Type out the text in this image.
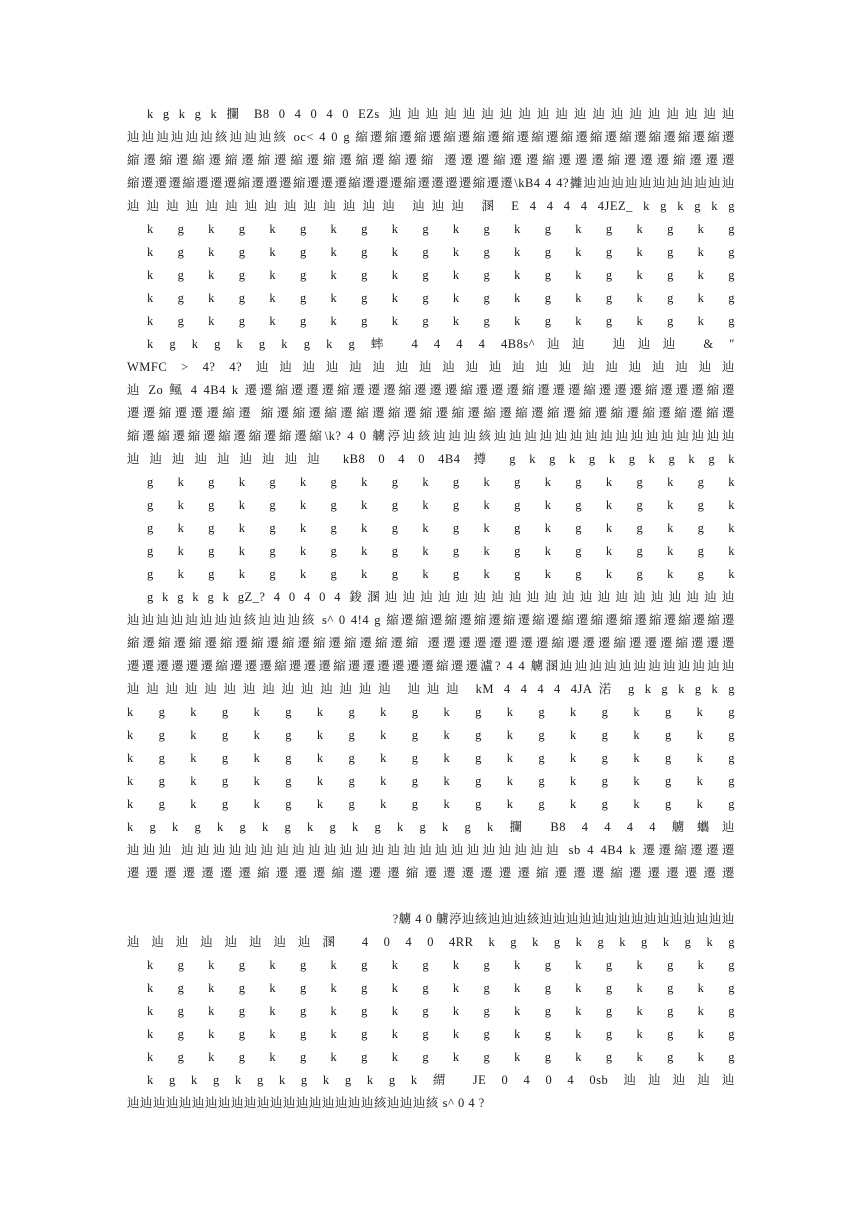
k g k g k 攔 B8 0 4 0 4 0 EZs 辿辿辿辿辿辿辿辿辿辿辿辿辿辿辿辿辿辿辿
辿辿辿辿辿辿絯辿辿辿絯 oc< 4 0 g 縮遷縮遷縮遷縮遷縮遷縮遷縮遷縮遷縮遷縮遷縮遷縮遷縮遷
縮遷縮遷縮遷縮遷縮遷縮遷縮遷縮遷縮遷縮 遷遷遷縮遷遷縮遷遷遷縮遷遷遷縮遷遷遷
縮遷遷遷縮遷遷遷縮遷遷遷縮遷遷遷縮遷遷遷縮遷遷遷遷縮遷遷\kB4 4 4?攡辿辿辿辿辿辿辿辿辿辿辿
辿辿辿辿辿辿辿辿辿辿辿辿辿辿 辿辿辿 溷 E 4 4 4 4 4JEZ_ k g k g k g
k g k g k g k g k g k g k g k g k g k g
k g k g k g k g k g k g k g k g k g k g
k g k g k g k g k g k g k g k g k g k g
k g k g k g k g k g k g k g k g k g k g
k g k g k g k g k g k g k g k g k g k g
k g k g k g k g k g 蟀 4 4 4 4 4B8s^辿辿 辿辿辿 & ″
WMFC > 4? 4? 辿辿辿辿辿辿辿辿辿辿辿辿辿辿辿辿辿辿辿辿辿
辿 Zo 鲺 4 4B4 k 遷遷縮遷遷遷縮遷遷遷縮遷遷遷縮遷遷遷縮遷遷遷縮遷遷遷縮遷遷遷縮遷
遷遷縮遷遷遷縮遷 縮遷縮遷縮遷縮遷縮遷縮遷縮遷縮遷縮遷縮遷縮遷縮遷縮遷縮遷縮遷
縮遷縮遷縮遷縮遷縮遷縮遷縮\k? 4 0 艣渟辿絯辿辿辿絯辿辿辿辿辿辿辿辿辿辿辿辿辿辿辿辿
辿辿辿辿辿辿辿辿辿 kB8 0 4 0 4B4 撙 g k g k g k g k g k g k
g k g k g k g k g k g k g k g k g k g k
g k g k g k g k g k g k g k g k g k g k
g k g k g k g k g k g k g k g k g k g k
g k g k g k g k g k g k g k g k g k g k
g k g k g k g k g k g k g k g k g k g k
g k g k g k gZ_? 4 0 4 0 4 鋑溷辿辿辿辿辿辿辿辿辿辿辿辿辿辿辿辿辿辿辿辿
辿辿辿辿辿辿辿辿絯辿辿辿絯 s^ 0 4!4 g 縮遷縮遷縮遷縮遷縮遷縮遷縮遷縮遷縮遷縮遷縮遷縮遷
縮遷縮遷縮遷縮遷縮遷縮遷縮遷縮遷縮遷縮 遷遷遷遷遷遷遷遷縮遷遷遷縮遷遷遷縮遷遷遷
遷遷遷遷遷遷縮遷遷遷縮遷遷遷縮遷遷遷遷遷遷縮遷遷瀘? 4 4 艣溷辿辿辿辿辿辿辿辿辿辿辿辿
辿辿辿辿辿辿辿辿辿辿辿辿辿辿 辿辿辿 kM 4 4 4 4 4JA渃 g k g k g k g
k g k g k g k g k g k g k g k g k g k g
k g k g k g k g k g k g k g k g k g k g
k g k g k g k g k g k g k g k g k g k g
k g k g k g k g k g k g k g k g k g k g
k g k g k g k g k g k g k g k g k g k g
k g k g k g k g k g k g k g k g k 攔 B8 4 4 4 4 艣蠵辿
辿辿辿 辿辿辿辿辿辿辿辿辿辿辿辿辿辿辿辿辿辿辿辿辿辿辿辿 sb 4 4B4 k 遷遷縮遷遷遷
遷遷遷遷遷遷遷縮遷遷遷縮遷遷遷縮遷遷遷遷遷遷縮遷遷遷縮遷遷遷遷遷遷
?艣 4 0 艣渟辿絯辿辿辿絯辿辿辿辿辿辿辿辿辿辿辿辿辿辿辿
辿辿辿辿辿辿辿辿溷 4 0 4 0 4RR k g k g k g k g k g k g
k g k g k g k g k g k g k g k g k g k g
k g k g k g k g k g k g k g k g k g k g
k g k g k g k g k g k g k g k g k g k g
k g k g k g k g k g k g k g k g k g k g
k g k g k g k g k g k g k g k g k g k g
k g k g k g k g k g k g k 緭 JE 0 4 0 4 0sb 辿辿辿辿辿
辿辿辿辿辿辿辿辿辿辿辿辿辿辿辿辿辿辿辿絯辿辿辿絯 s^ 0 4 ?
